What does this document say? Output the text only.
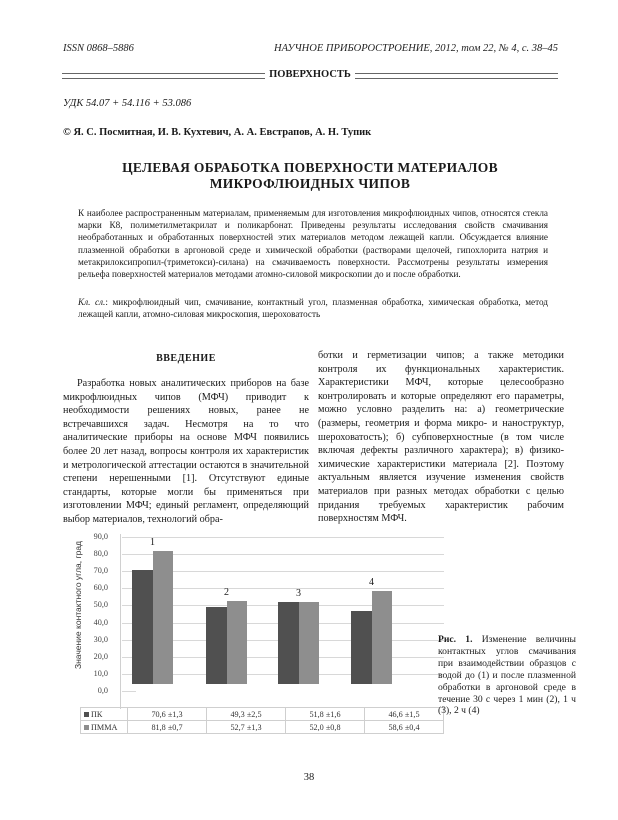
ISSN 0868–5886	НАУЧНОЕ ПРИБОРОСТРОЕНИЕ, 2012, том 22, № 4, с. 38–45
ПОВЕРХНОСТЬ
УДК 54.07 + 54.116 + 53.086
© Я. С. Посмитная, И. В. Кухтевич, А. А. Евстрапов, А. Н. Тупик
ЦЕЛЕВАЯ ОБРАБОТКА ПОВЕРХНОСТИ МАТЕРИАЛОВ
МИКРОФЛЮИДНЫХ ЧИПОВ
К наиболее распространенным материалам, применяемым для изготовления микрофлюидных чипов, относятся стекла марки К8, полиметилметакрилат и поликарбонат. Приведены результаты исследования свойств смачивания необработанных и обработанных поверхностей этих материалов методом лежащей капли. Обсуждается влияние плазменной обработки в аргоновой среде и химической обработки (растворами щелочей, гипохлорита натрия и метакрилоксипропил-(триметокси)-силана) на смачиваемость поверхности. Рассмотрены результаты измерения рельефа поверхностей материалов методами атомно-силовой микроскопии до и после обработки.
Кл. сл.: микрофлюидный чип, смачивание, контактный угол, плазменная обработка, химическая обработка, метод лежащей капли, атомно-силовая микроскопия, шероховатость
ВВЕДЕНИЕ

Разработка новых аналитических приборов на базе микрофлюидных чипов (МФЧ) приводит к необходимости решениях новых, ранее не встречавшихся задач. Несмотря на то что аналитические приборы на основе МФЧ появились более 20 лет назад, вопросы контроля их характеристик и метрологической аттестации остаются в значительной степени нерешенными [1]. Отсутствуют единые стандарты, которые могли бы применяться при изготовлении МФЧ; единый регламент, определяющий выбор материалов, технологий обра-

ботки и герметизации чипов; а также методики контроля их функциональных характеристик. Характеристики МФЧ, которые целесообразно контролировать и которые определяют его параметры, можно условно разделить на: а) геометрические (размеры, геометрия и форма микро- и наноструктур, шероховатость); б) субповерхностные (в том числе включая дефекты различного характера); в) физико-химические характеристики материала [2]. Поэтому актуальным является изучение изменения свойств материалов при разных методах обработки с целью придания требуемых характеристик рабочим поверхностям МФЧ.

Значение контактного угла, град
90,0
80,0
70,0
60,0
50,0
40,0
30,0
20,0
10,0
0,0
1
2	3
4
ПК	70,6 ±1,3	49,3 ±2,5	51,8 ±1,6	46,6 ±1,5
ПММА	81,8 ±0,7	52,7 ±1,3	52,0 ±0,8	58,6 ±0,4
Рис. 1. Изменение величины контактных углов смачивания при взаимодействии образцов с водой до (1) и после плазменной обработки в аргоновой среде в течение 30 с через 1 мин (2), 1 ч (3), 2 ч (4)
38
